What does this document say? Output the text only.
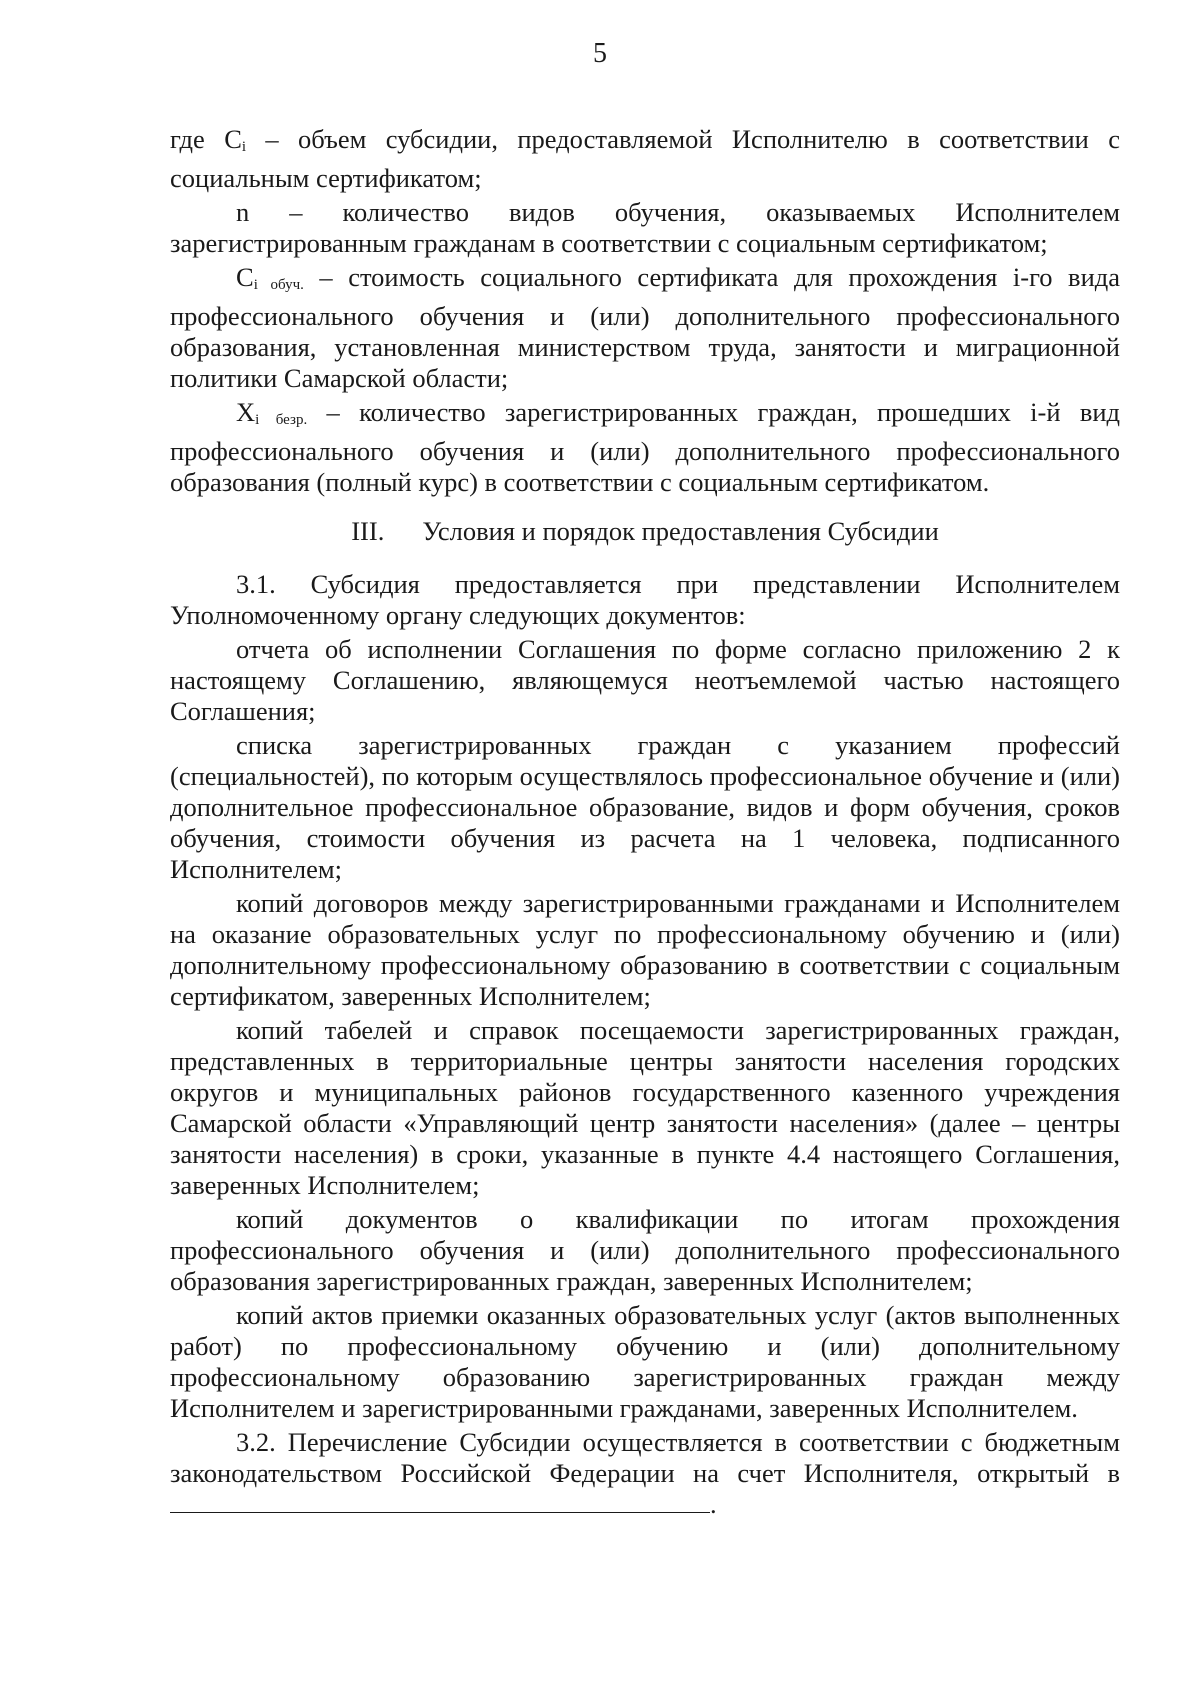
5

где $C_i$ – объем субсидии, предоставляемой Исполнителю в соответствии с социальным сертификатом;

n – количество видов обучения, оказываемых Исполнителем зарегистрированным гражданам в соответствии с социальным сертификатом;

$C_{i обуч.}$ – стоимость социального сертификата для прохождения i-го вида профессионального обучения и (или) дополнительного профессионального образования, установленная министерством труда, занятости и миграционной политики Самарской области;

$X_{i безр.}$ – количество зарегистрированных граждан, прошедших i-й вид профессионального обучения и (или) дополнительного профессионального образования (полный курс) в соответствии с социальным сертификатом.

III. Условия и порядок предоставления Субсидии

3.1. Субсидия предоставляется при представлении Исполнителем Уполномоченному органу следующих документов:

отчета об исполнении Соглашения по форме согласно приложению 2 к настоящему Соглашению, являющемуся неотъемлемой частью настоящего Соглашения;

списка зарегистрированных граждан с указанием профессий (специальностей), по которым осуществлялось профессиональное обучение и (или) дополнительное профессиональное образование, видов и форм обучения, сроков обучения, стоимости обучения из расчета на 1 человека, подписанного Исполнителем;

копий договоров между зарегистрированными гражданами и Исполнителем на оказание образовательных услуг по профессиональному обучению и (или) дополнительному профессиональному образованию в соответствии с социальным сертификатом, заверенных Исполнителем;

копий табелей и справок посещаемости зарегистрированных граждан, представленных в территориальные центры занятости населения городских округов и муниципальных районов государственного казенного учреждения Самарской области «Управляющий центр занятости населения» (далее – центры занятости населения) в сроки, указанные в пункте 4.4 настоящего Соглашения, заверенных Исполнителем;

копий документов о квалификации по итогам прохождения профессионального обучения и (или) дополнительного профессионального образования зарегистрированных граждан, заверенных Исполнителем;

копий актов приемки оказанных образовательных услуг (актов выполненных работ) по профессиональному обучению и (или) дополнительному профессиональному образованию зарегистрированных граждан между Исполнителем и зарегистрированными гражданами, заверенных Исполнителем.

3.2. Перечисление Субсидии осуществляется в соответствии с бюджетным законодательством Российской Федерации на счет Исполнителя, открытый в .
